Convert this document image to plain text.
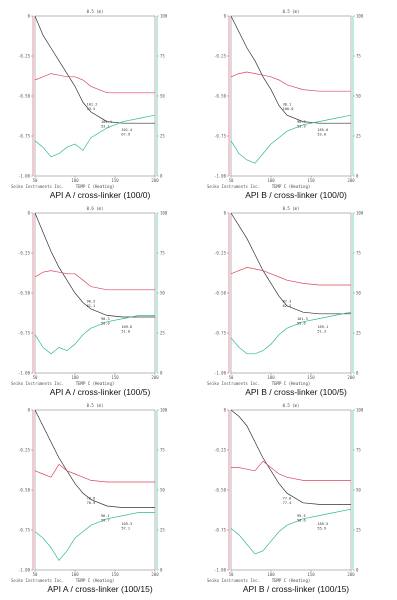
0.5 (m)
0
-0.25
-0.50
-0.75
-1.00
100
75
50
25
0
50	100	150	200
TEMP C (Heating)
Seiko Instruments Inc.
101.2
53.5
104.4
53.1
101.4
67.9
API A / cross-linker (100/0)
0.5 (m)
0
-0.25
-0.50
-0.75
-1.00
100
75
50
25
0
50	100	150	200
TEMP C (Heating)
Seiko Instruments Inc.
38.1
100.0
98.3
53.9
185.0
53.0
API B / cross-linker (100/0)
0.6 (m)
0
-0.25
-0.50
-0.75
-1.00
100
75
50
25
0
50	100	150	200
TEMP C (Heating)
Seiko Instruments Inc.
90.5
61.1
98.3
55.0
109.6
51.0
API A / cross-linker (100/5)
0.5 (m)
0
-0.25
-0.50
-0.75
-1.00
100
75
50
25
0
50	100	150	200
TEMP C (Heating)
Seiko Instruments Inc.
87.3
62.5
101.3
55.6
189.1
51.3
API B / cross-linker (100/5)
0.5 (m)
0
-0.25
-0.50
-0.75
-1.00
100
75
50
25
0
50	100	150	200
TEMP C (Heating)
Seiko Instruments Inc.
78.6
70.9
96.1
59.7
105.3
57.1
API A / cross-linker (100/15)
0.5 (m)
0
-0.25
-0.50
-0.75
-1.00
100
75
50
25
0
50	100	150	200
TEMP C (Heating)
Seiko Instruments Inc.
77.8
77.4
99.5
58.6
189.5
55.9
API B / cross-linker (100/15)
